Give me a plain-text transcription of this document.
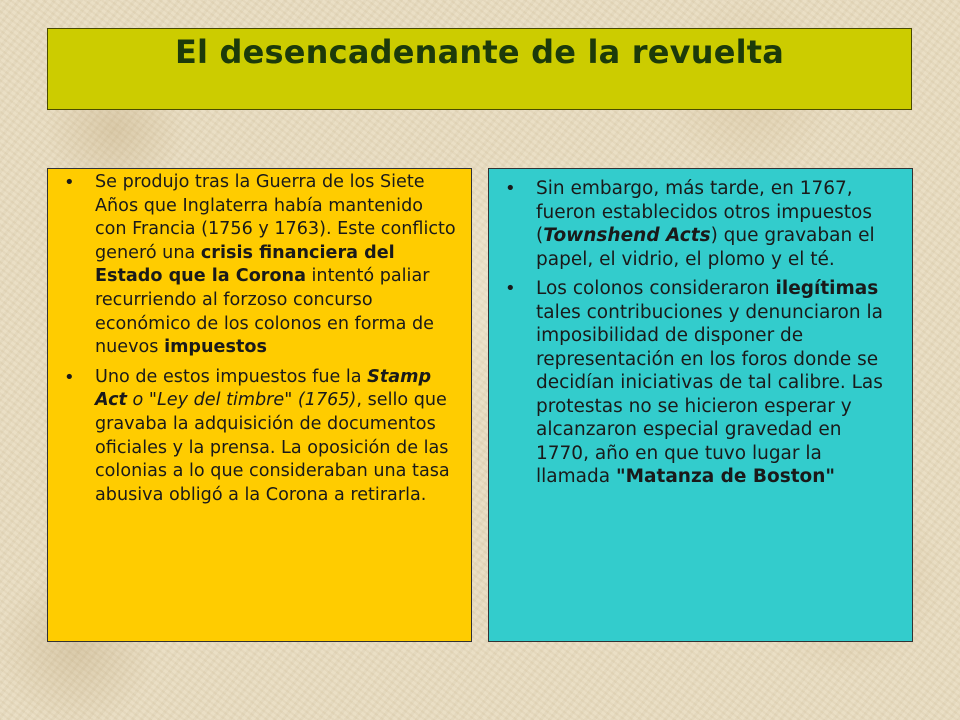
El desencadenante de la revuelta
• Se produjo tras la Guerra de los Siete Años que Inglaterra había mantenido con Francia (1756 y 1763). Este conflicto generó una crisis financiera del Estado que la Corona intentó paliar recurriendo al forzoso concurso económico de los colonos en forma de nuevos impuestos
• Uno de estos impuestos fue la Stamp Act o "Ley del timbre" (1765), sello que gravaba la adquisición de documentos oficiales y la prensa. La oposición de las colonias a lo que consideraban una tasa abusiva obligó a la Corona a retirarla.
• Sin embargo, más tarde, en 1767, fueron establecidos otros impuestos (Townshend Acts) que gravaban el papel, el vidrio, el plomo y el té.
• Los colonos consideraron ilegítimas tales contribuciones y denunciaron la imposibilidad de disponer de representación en los foros donde se decidían iniciativas de tal calibre. Las protestas no se hicieron esperar y alcanzaron especial gravedad en 1770, año en que tuvo lugar la llamada "Matanza de Boston"
